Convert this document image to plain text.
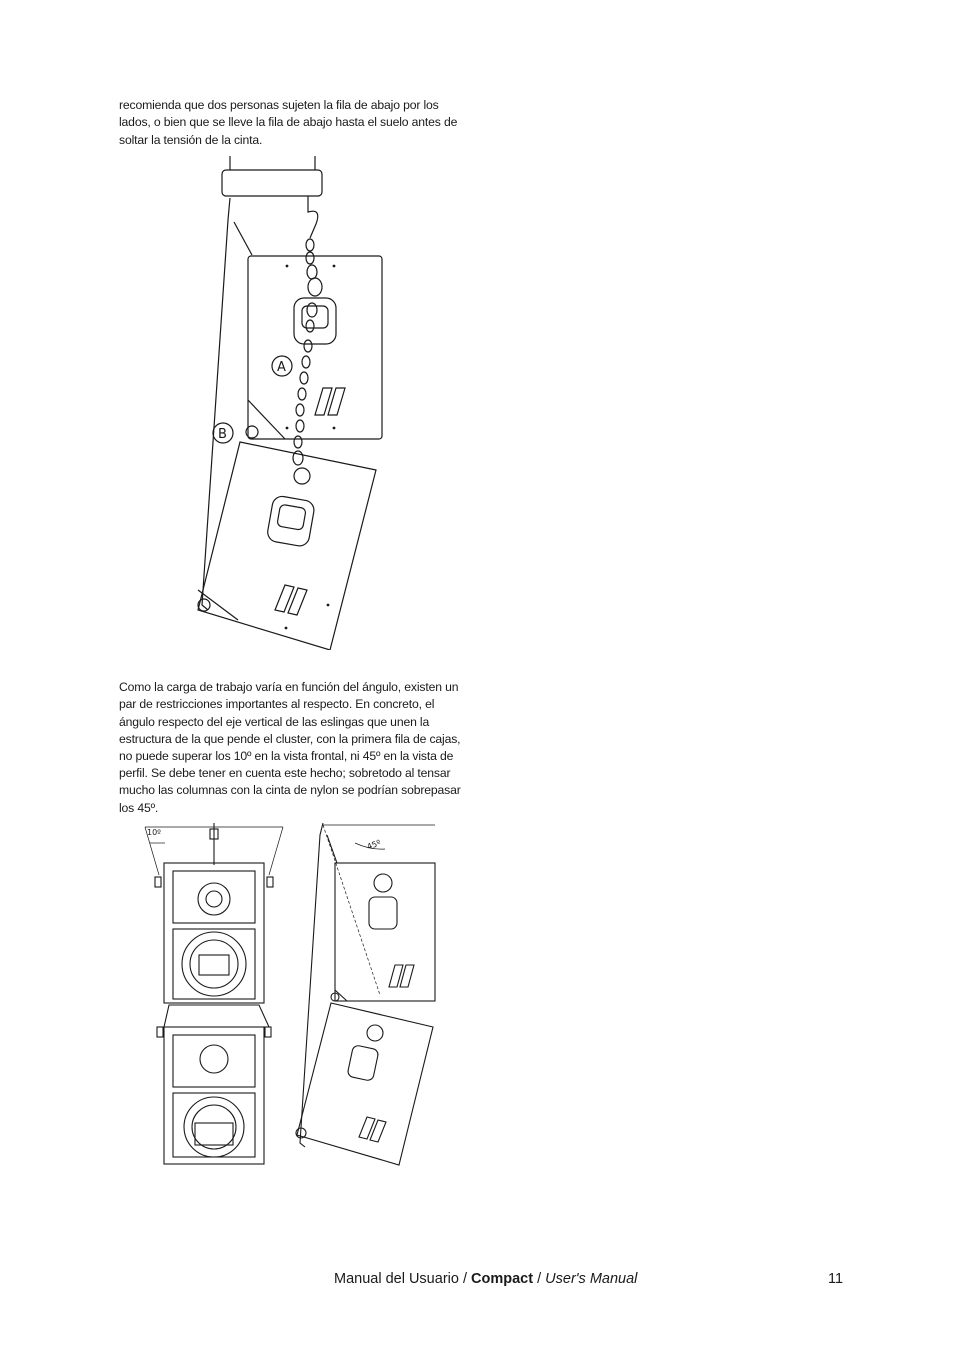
recomienda que dos personas sujeten la fila de abajo por los lados, o bien que se lleve la fila de abajo hasta el suelo antes de soltar la tensión de la cinta.

A
B

Como la carga de trabajo varía en función del ángulo, existen un par de restricciones importantes al respecto. En concreto, el ángulo respecto del eje vertical de las eslingas que unen la estructura de la que pende el cluster, con la primera fila de cajas, no puede superar los 10º en la vista frontal, ni 45º en la vista de perfil. Se debe tener en cuenta este hecho; sobretodo al tensar mucho las columnas con la cinta de nylon se podrían sobrepasar los 45º.

10º
45º
Manual del Usuario / Compact / User's Manual	11
